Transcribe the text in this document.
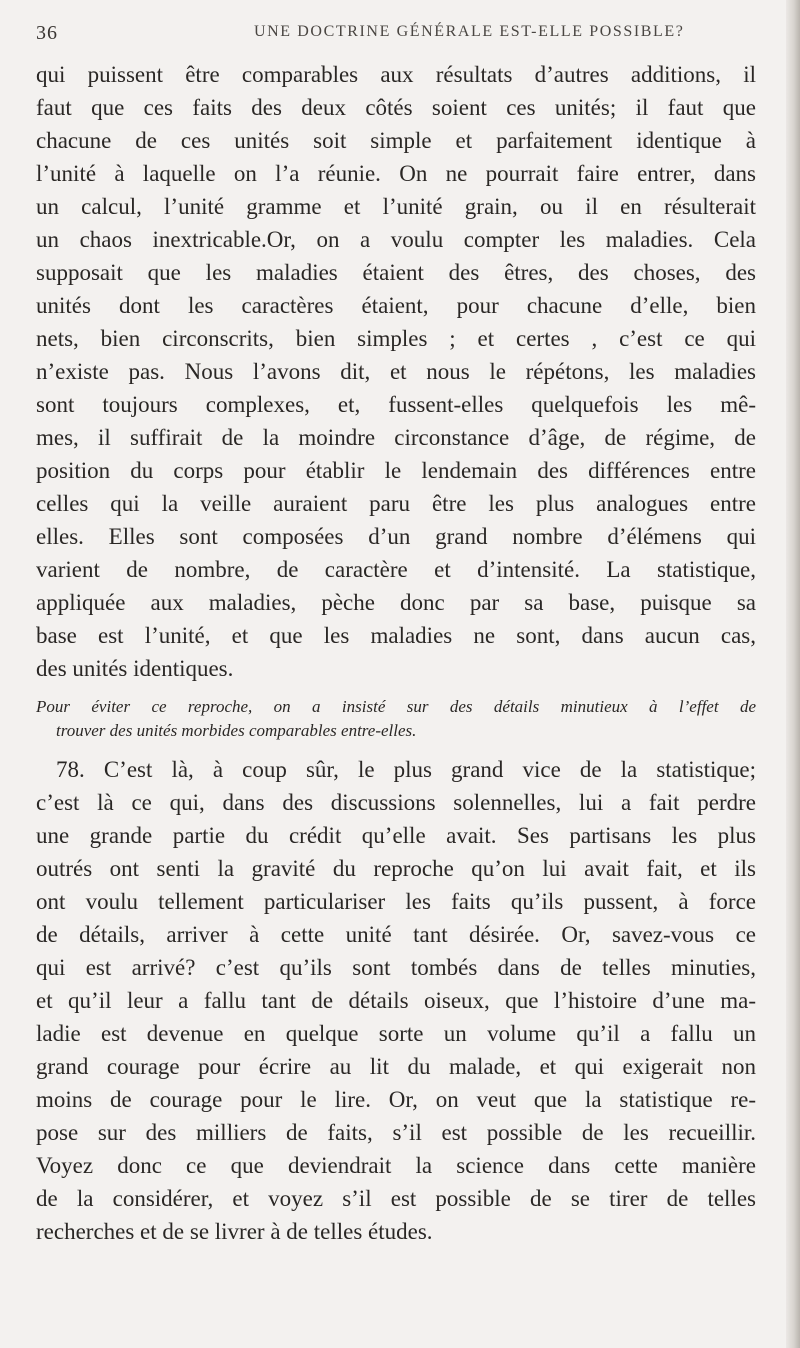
36	UNE DOCTRINE GÉNÉRALE EST-ELLE POSSIBLE?
qui puissent être comparables aux résultats d’autres additions, il
faut que ces faits des deux côtés soient ces unités; il faut que
chacune de ces unités soit simple et parfaitement identique à
l’unité à laquelle on l’a réunie. On ne pourrait faire entrer, dans
un calcul, l’unité gramme et l’unité grain, ou il en résulterait
un chaos inextricable.Or, on a voulu compter les maladies. Cela
supposait que les maladies étaient des êtres, des choses, des
unités dont les caractères étaient, pour chacune d’elle, bien
nets, bien circonscrits, bien simples ; et certes , c’est ce qui
n’existe pas. Nous l’avons dit, et nous le répétons, les maladies
sont toujours complexes, et, fussent-elles quelquefois les mê-
mes, il suffirait de la moindre circonstance d’âge, de régime, de
position du corps pour établir le lendemain des différences entre
celles qui la veille auraient paru être les plus analogues entre
elles. Elles sont composées d’un grand nombre d’élémens qui
varient de nombre, de caractère et d’intensité. La statistique,
appliquée aux maladies, pèche donc par sa base, puisque sa
base est l’unité, et que les maladies ne sont, dans aucun cas,
des unités identiques.
Pour éviter ce reproche, on a insisté sur des détails minutieux à l’effet de
trouver des unités morbides comparables entre-elles.
78. C’est là, à coup sûr, le plus grand vice de la statistique;
c’est là ce qui, dans des discussions solennelles, lui a fait perdre
une grande partie du crédit qu’elle avait. Ses partisans les plus
outrés ont senti la gravité du reproche qu’on lui avait fait, et ils
ont voulu tellement particulariser les faits qu’ils pussent, à force
de détails, arriver à cette unité tant désirée. Or, savez-vous ce
qui est arrivé? c’est qu’ils sont tombés dans de telles minuties,
et qu’il leur a fallu tant de détails oiseux, que l’histoire d’une ma-
ladie est devenue en quelque sorte un volume qu’il a fallu un
grand courage pour écrire au lit du malade, et qui exigerait non
moins de courage pour le lire. Or, on veut que la statistique re-
pose sur des milliers de faits, s’il est possible de les recueillir.
Voyez donc ce que deviendrait la science dans cette manière
de la considérer, et voyez s’il est possible de se tirer de telles
recherches et de se livrer à de telles études.
